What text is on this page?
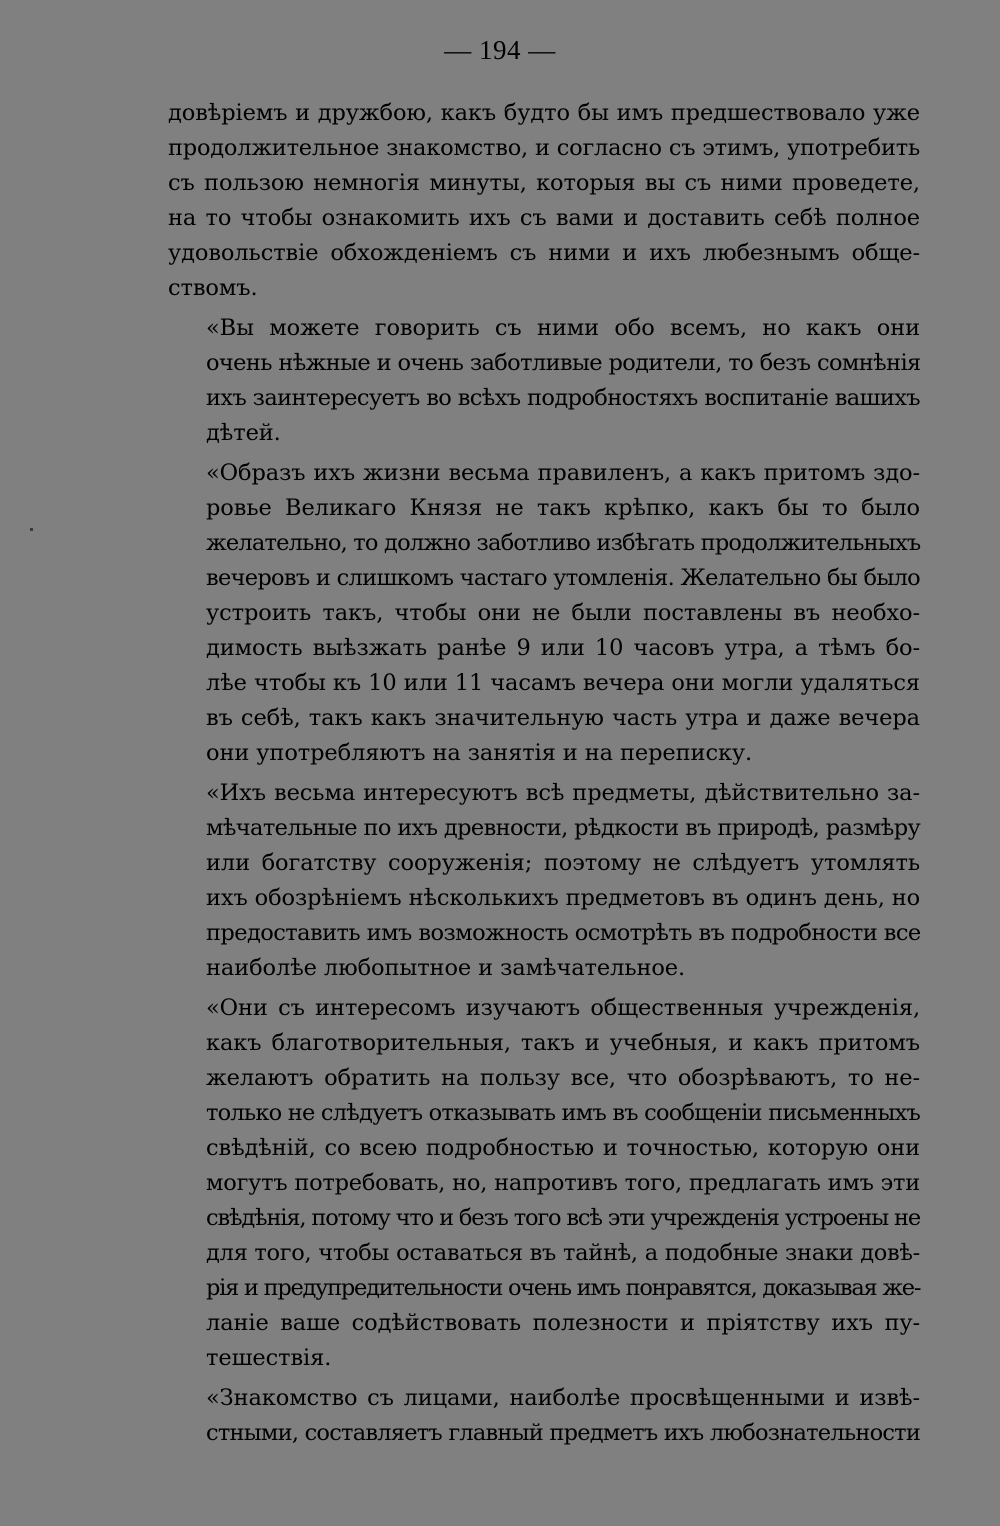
— 194 —
довѣріемъ и дружбою, какъ будто бы имъ предшествовало уже
продолжительное знакомство, и согласно съ этимъ, употребить
съ пользою немногія минуты, которыя вы съ ними проведете,
на то чтобы ознакомить ихъ съ вами и доставить себѣ полное
удовольствіе обхожденіемъ съ ними и ихъ любезнымъ обще-
ствомъ.
«Вы можете говорить съ ними обо всемъ, но какъ они
очень нѣжные и очень заботливые родители, то безъ сомнѣнія
ихъ заинтересуетъ во всѣхъ подробностяхъ воспитаніе вашихъ
дѣтей.
«Образъ ихъ жизни весьма правиленъ, а какъ притомъ здо-
ровье Великаго Князя не такъ крѣпко, какъ бы то было
желательно, то должно заботливо избѣгать продолжительныхъ
вечеровъ и слишкомъ частаго утомленія. Желательно бы было
устроить такъ, чтобы они не были поставлены въ необхо-
димость выѣзжать ранѣе 9 или 10 часовъ утра, а тѣмъ бо-
лѣе чтобы къ 10 или 11 часамъ вечера они могли удаляться
въ себѣ, такъ какъ значительную часть утра и даже вечера
они употребляютъ на занятія и на переписку.
«Ихъ весьма интересуютъ всѣ предметы, дѣйствительно за-
мѣчательные по ихъ древности, рѣдкости въ природѣ, размѣру
или богатству сооруженія; поэтому не слѣдуетъ утомлять
ихъ обозрѣніемъ нѣсколькихъ предметовъ въ одинъ день, но
предоставить имъ возможность осмотрѣть въ подробности все
наиболѣе любопытное и замѣчательное.
«Они съ интересомъ изучаютъ общественныя учрежденія,
какъ благотворительныя, такъ и учебныя, и какъ притомъ
желаютъ обратить на пользу все, что обозрѣваютъ, то не-
только не слѣдуетъ отказывать имъ въ сообщеніи письменныхъ
свѣдѣній, со всею подробностью и точностью, которую они
могутъ потребовать, но, напротивъ того, предлагать имъ эти
свѣдѣнія, потому что и безъ того всѣ эти учрежденія устроены не
для того, чтобы оставаться въ тайнѣ, а подобные знаки довѣ-
рія и предупредительности очень имъ понравятся, доказывая же-
ланіе ваше содѣйствовать полезности и пріятству ихъ пу-
тешествія.
«Знакомство съ лицами, наиболѣе просвѣщенными и извѣ-
стными, составляетъ главный предметъ ихъ любознательности
